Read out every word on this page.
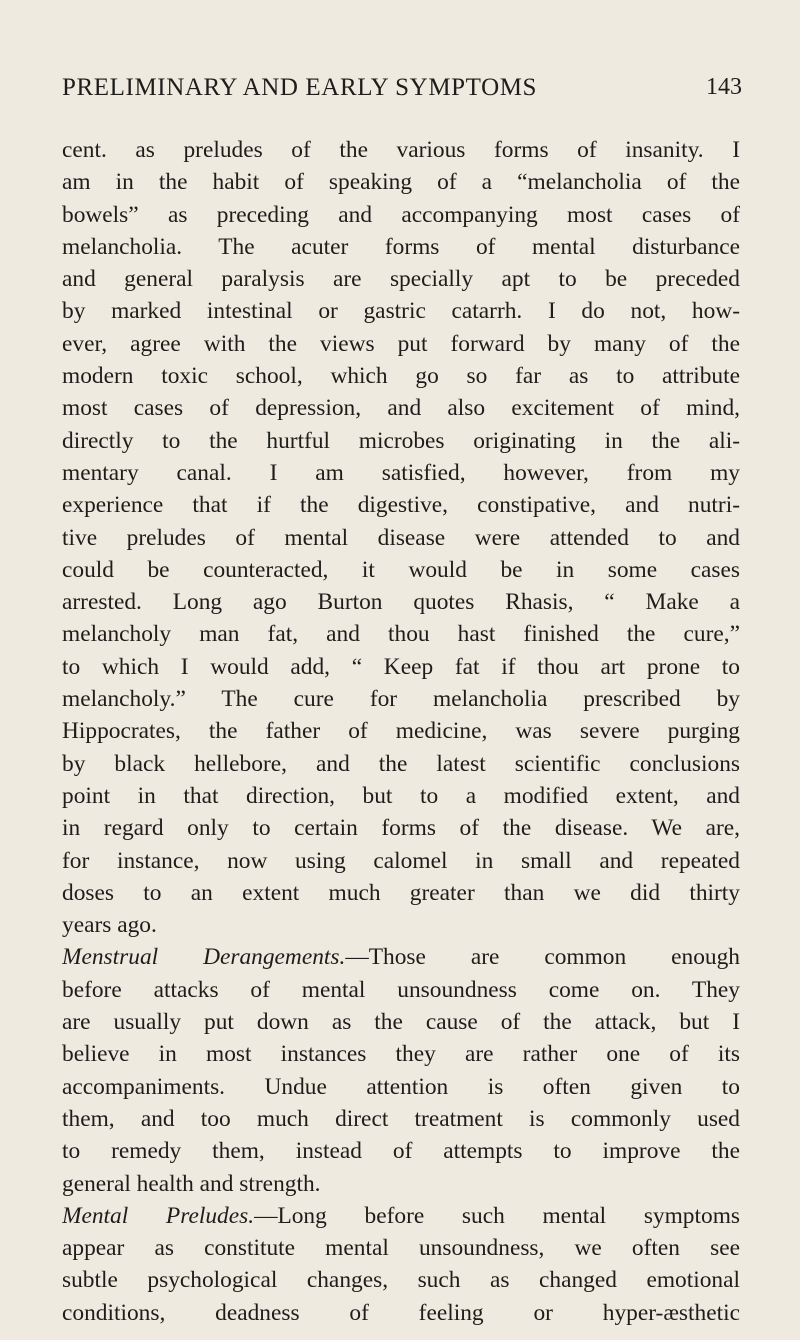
PRELIMINARY AND EARLY SYMPTOMS	143
cent. as preludes of the various forms of insanity. I
am in the habit of speaking of a “melancholia of the
bowels” as preceding and accompanying most cases of
melancholia. The acuter forms of mental disturbance
and general paralysis are specially apt to be preceded
by marked intestinal or gastric catarrh. I do not, how-
ever, agree with the views put forward by many of the
modern toxic school, which go so far as to attribute
most cases of depression, and also excitement of mind,
directly to the hurtful microbes originating in the ali-
mentary canal. I am satisfied, however, from my
experience that if the digestive, constipative, and nutri-
tive preludes of mental disease were attended to and
could be counteracted, it would be in some cases
arrested. Long ago Burton quotes Rhasis, “ Make a
melancholy man fat, and thou hast finished the cure,”
to which I would add, “ Keep fat if thou art prone to
melancholy.” The cure for melancholia prescribed by
Hippocrates, the father of medicine, was severe purging
by black hellebore, and the latest scientific conclusions
point in that direction, but to a modified extent, and
in regard only to certain forms of the disease. We are,
for instance, now using calomel in small and repeated
doses to an extent much greater than we did thirty
years ago.
Menstrual Derangements.—Those are common enough
before attacks of mental unsoundness come on. They
are usually put down as the cause of the attack, but I
believe in most instances they are rather one of its
accompaniments. Undue attention is often given to
them, and too much direct treatment is commonly used
to remedy them, instead of attempts to improve the
general health and strength.
Mental Preludes.—Long before such mental symptoms
appear as constitute mental unsoundness, we often see
subtle psychological changes, such as changed emotional
conditions, deadness of feeling or hyper-æsthetic
